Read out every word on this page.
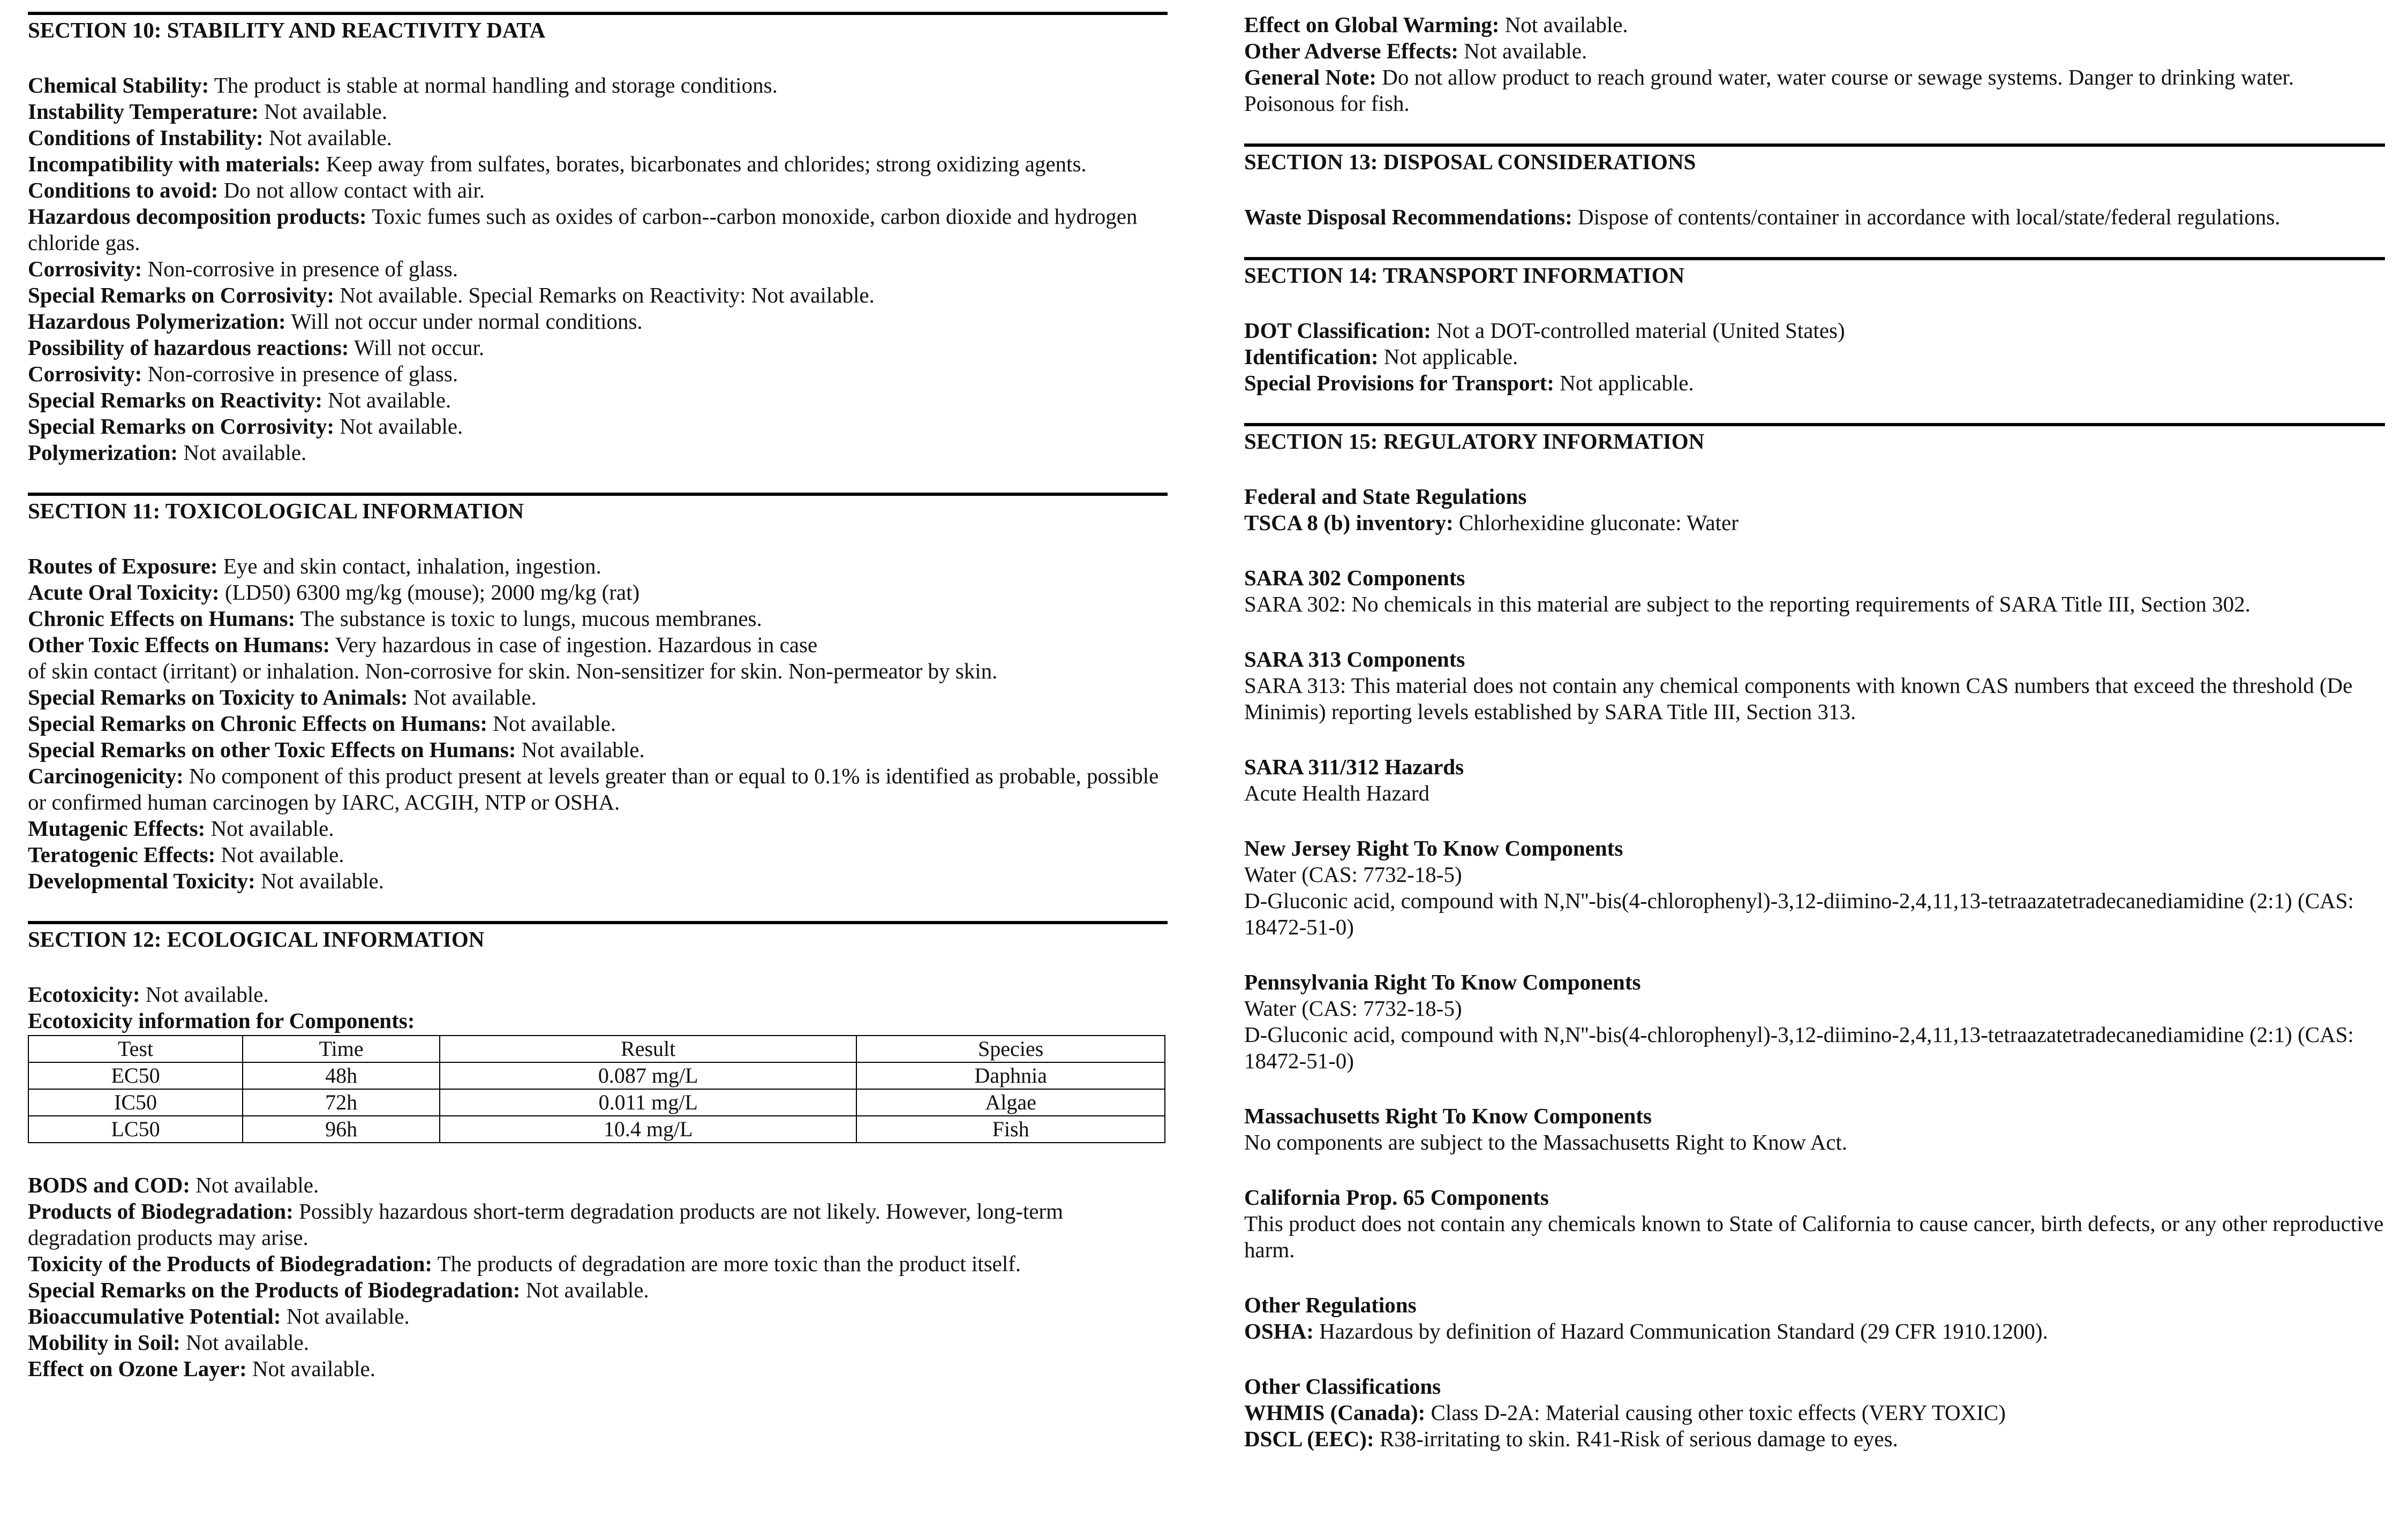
SECTION 10: STABILITY AND REACTIVITY DATA

Chemical Stability: The product is stable at normal handling and storage conditions.

Instability Temperature: Not available.

Conditions of Instability: Not available.

Incompatibility with materials: Keep away from sulfates, borates, bicarbonates and chlorides; strong oxidizing agents.

Conditions to avoid: Do not allow contact with air.

Hazardous decomposition products: Toxic fumes such as oxides of carbon--carbon monoxide, carbon dioxide and hydrogen chloride gas.

Corrosivity: Non-corrosive in presence of glass.

Special Remarks on Corrosivity: Not available. Special Remarks on Reactivity: Not available.

Hazardous Polymerization: Will not occur under normal conditions.

Possibility of hazardous reactions: Will not occur.

Corrosivity: Non-corrosive in presence of glass.

Special Remarks on Reactivity: Not available.

Special Remarks on Corrosivity: Not available.

Polymerization: Not available.

SECTION 11: TOXICOLOGICAL INFORMATION

Routes of Exposure: Eye and skin contact, inhalation, ingestion.

Acute Oral Toxicity: (LD50) 6300 mg/kg (mouse); 2000 mg/kg (rat)

Chronic Effects on Humans: The substance is toxic to lungs, mucous membranes.

Other Toxic Effects on Humans: Very hazardous in case of ingestion. Hazardous in case

of skin contact (irritant) or inhalation. Non-corrosive for skin. Non-sensitizer for skin. Non-permeator by skin.

Special Remarks on Toxicity to Animals: Not available.

Special Remarks on Chronic Effects on Humans: Not available.

Special Remarks on other Toxic Effects on Humans: Not available.

Carcinogenicity: No component of this product present at levels greater than or equal to 0.1% is identified as probable, possible or confirmed human carcinogen by IARC, ACGIH, NTP or OSHA.

Mutagenic Effects: Not available.

Teratogenic Effects: Not available.

Developmental Toxicity: Not available.

SECTION 12: ECOLOGICAL INFORMATION

Ecotoxicity: Not available.

Ecotoxicity information for Components:

Test	Time	Result	Species
EC50	48h	0.087 mg/L	Daphnia
IC50	72h	0.011 mg/L	Algae
LC50	96h	10.4 mg/L	Fish

BODS and COD: Not available.

Products of Biodegradation: Possibly hazardous short-term degradation products are not likely. However, long-term degradation products may arise.

Toxicity of the Products of Biodegradation: The products of degradation are more toxic than the product itself.

Special Remarks on the Products of Biodegradation: Not available.

Bioaccumulative Potential: Not available.

Mobility in Soil: Not available.

Effect on Ozone Layer: Not available.

Effect on Global Warming: Not available.

Other Adverse Effects: Not available.

General Note: Do not allow product to reach ground water, water course or sewage systems. Danger to drinking water. Poisonous for fish.

SECTION 13: DISPOSAL CONSIDERATIONS

Waste Disposal Recommendations: Dispose of contents/container in accordance with local/state/federal regulations.

SECTION 14: TRANSPORT INFORMATION

DOT Classification: Not a DOT-controlled material (United States)

Identification: Not applicable.

Special Provisions for Transport: Not applicable.

SECTION 15: REGULATORY INFORMATION

Federal and State Regulations

TSCA 8 (b) inventory: Chlorhexidine gluconate: Water

SARA 302 Components

SARA 302: No chemicals in this material are subject to the reporting requirements of SARA Title III, Section 302.

SARA 313 Components

SARA 313: This material does not contain any chemical components with known CAS numbers that exceed the threshold (De Minimis) reporting levels established by SARA Title III, Section 313.

SARA 311/312 Hazards

Acute Health Hazard

New Jersey Right To Know Components

Water (CAS: 7732-18-5)

D-Gluconic acid, compound with N,N''-bis(4-chlorophenyl)-3,12-diimino-2,4,11,13-tetraazatetradecanediamidine (2:1) (CAS: 18472-51-0)

Pennsylvania Right To Know Components

Water (CAS: 7732-18-5)

D-Gluconic acid, compound with N,N''-bis(4-chlorophenyl)-3,12-diimino-2,4,11,13-tetraazatetradecanediamidine (2:1) (CAS: 18472-51-0)

Massachusetts Right To Know Components

No components are subject to the Massachusetts Right to Know Act.

California Prop. 65 Components

This product does not contain any chemicals known to State of California to cause cancer, birth defects, or any other reproductive harm.

Other Regulations

OSHA: Hazardous by definition of Hazard Communication Standard (29 CFR 1910.1200).

Other Classifications

WHMIS (Canada): Class D-2A: Material causing other toxic effects (VERY TOXIC)

DSCL (EEC): R38-irritating to skin. R41-Risk of serious damage to eyes.
